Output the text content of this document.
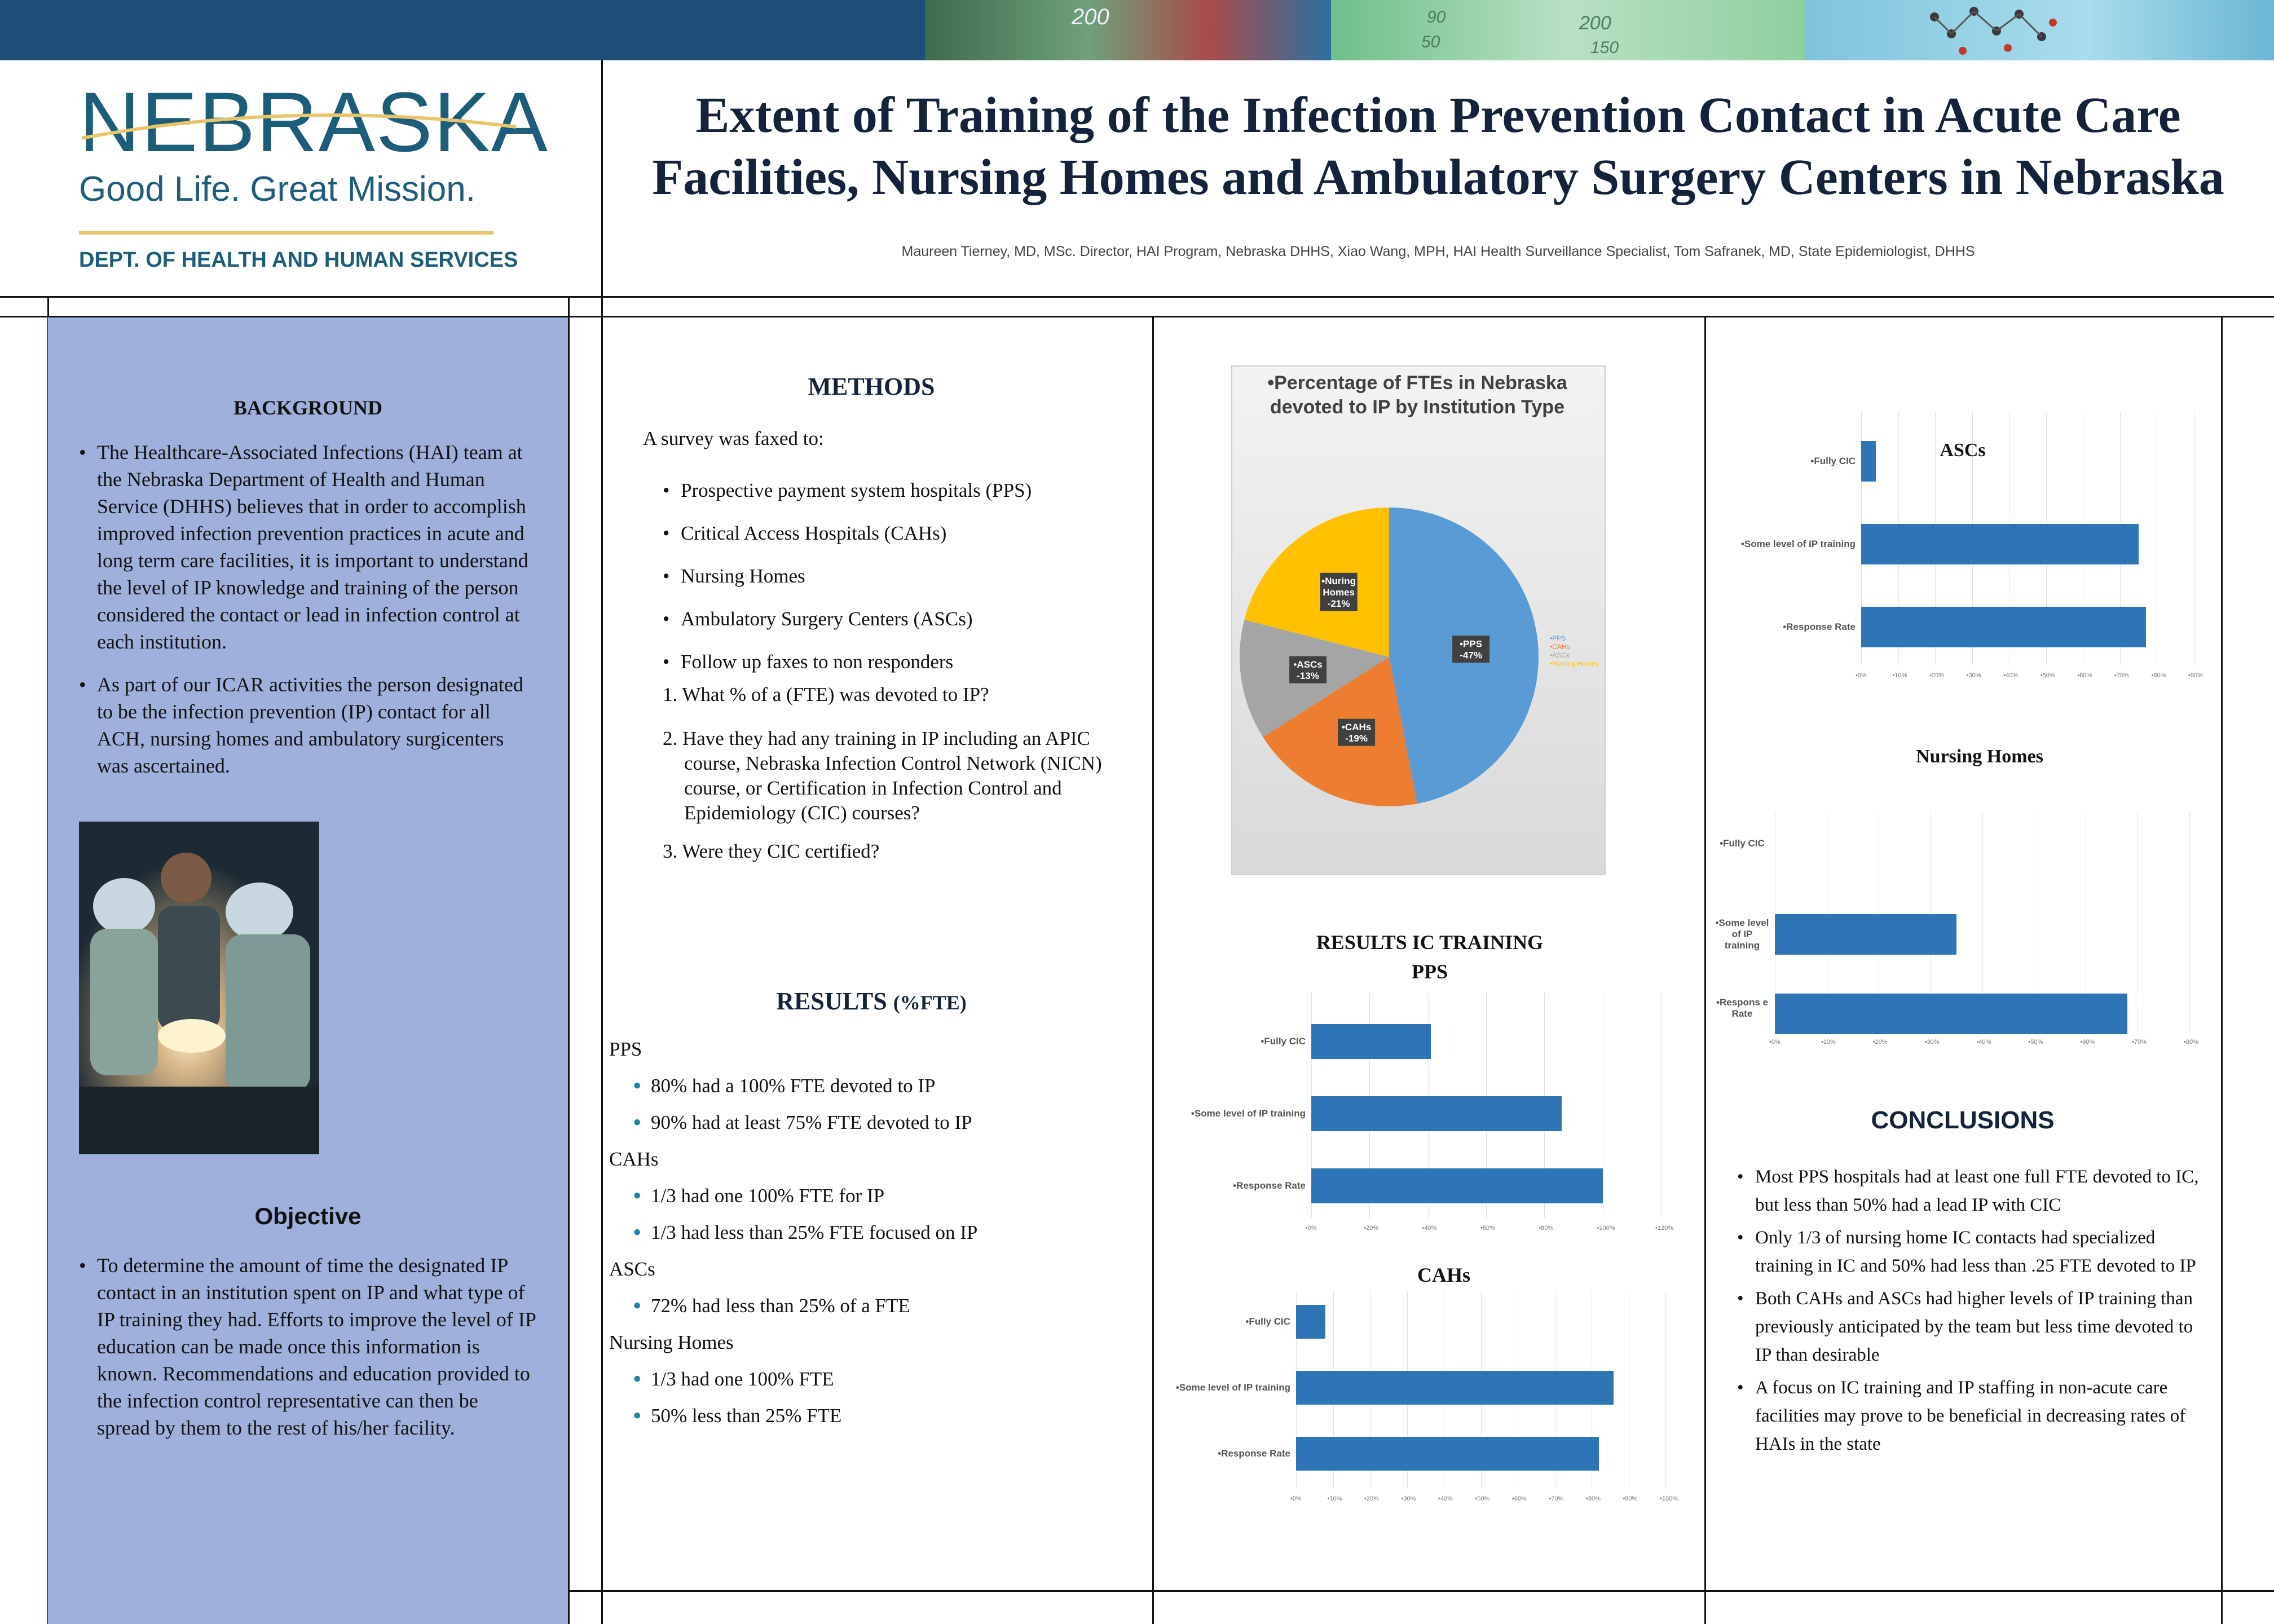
200	200
150
50
90
NEBRASKA
Good Life. Great Mission.
DEPT. OF HEALTH AND HUMAN SERVICES
Extent of Training of the Infection Prevention Contact in Acute Care Facilities, Nursing Homes and Ambulatory Surgery Centers in Nebraska
Maureen Tierney, MD, MSc. Director, HAI Program, Nebraska DHHS, Xiao Wang, MPH, HAI Health Surveillance Specialist, Tom Safranek, MD, State Epidemiologist, DHHS
BACKGROUND
• The Healthcare-Associated Infections (HAI) team at the Nebraska Department of Health and Human Service (DHHS) believes that in order to accomplish improved infection prevention practices in acute and long term care facilities, it is important to understand the level of IP knowledge and training of the person considered the contact or lead in infection control at each institution.
• As part of our ICAR activities the person designated to be the infection prevention (IP) contact for all ACH, nursing homes and ambulatory surgicenters was ascertained.
Objective
• To determine the amount of time the designated IP contact in an institution spent on IP and what type of IP training they had. Efforts to improve the level of IP education can be made once this information is known. Recommendations and education provided to the infection control representative can then be spread by them to the rest of his/her facility.
METHODS
A survey was faxed to:
• Prospective payment system hospitals (PPS)
• Critical Access Hospitals (CAHs)
• Nursing Homes
• Ambulatory Surgery Centers (ASCs)
• Follow up faxes to non responders
1. What % of a (FTE) was devoted to IP?
2. Have they had any training in IP including an APIC course, Nebraska Infection Control Network (NICN) course, or Certification in Infection Control and Epidemiology (CIC) courses?
3. Were they CIC certified?
RESULTS (%FTE)
PPS
• 80% had a 100% FTE devoted to IP
• 90% had at least 75% FTE devoted to IP
CAHs
• 1/3 had one 100% FTE for IP
• 1/3 had less than 25% FTE focused on IP
ASCs
• 72% had less than 25% of a FTE
Nursing Homes
• 1/3 had one 100% FTE
• 50% less than 25% FTE
•Percentage of FTEs in Nebraska devoted to IP by Institution Type
•PPS -47%
•CAHs -19%
•ASCs -13%
•Nuring Homes -21%
•PPS
•CAHs
•ASCs
•Nursing Homes
RESULTS IC TRAINING
PPS
•0%	•20%	•40%	•60%	•80%	•100%	•120%
•Fully CIC
•Some level of IP training
•Response Rate
CAHs
•0%	•10%	•20%	•30%	•40%	•50%	•60%	•70%	•80%	•90%	•100%
•Fully CIC
•Some level of IP training
•Response Rate
•0%	•10%	•20%	•30%	•40%	•50%	•60%	•70%	•80%	•90%
•Fully CIC
•Some level of IP training
•Response Rate
ASCs
Nursing Homes
•0%	•10%	•20%	•30%	•40%	•50%	•60%	•70%	•80%
•Fully CIC
•Some level of IP training
•Respons e Rate
CONCLUSIONS
• Most PPS hospitals had at least one full FTE devoted to IC, but less than 50% had a lead IP with CIC
• Only 1/3 of nursing home IC contacts had specialized training in IC and 50% had less than .25 FTE devoted to IP
• Both CAHs and ASCs had higher levels of IP training than previously anticipated by the team but less time devoted to IP than desirable
• A focus on IC training and IP staffing in non-acute care facilities may prove to be beneficial in decreasing rates of HAIs in the state
